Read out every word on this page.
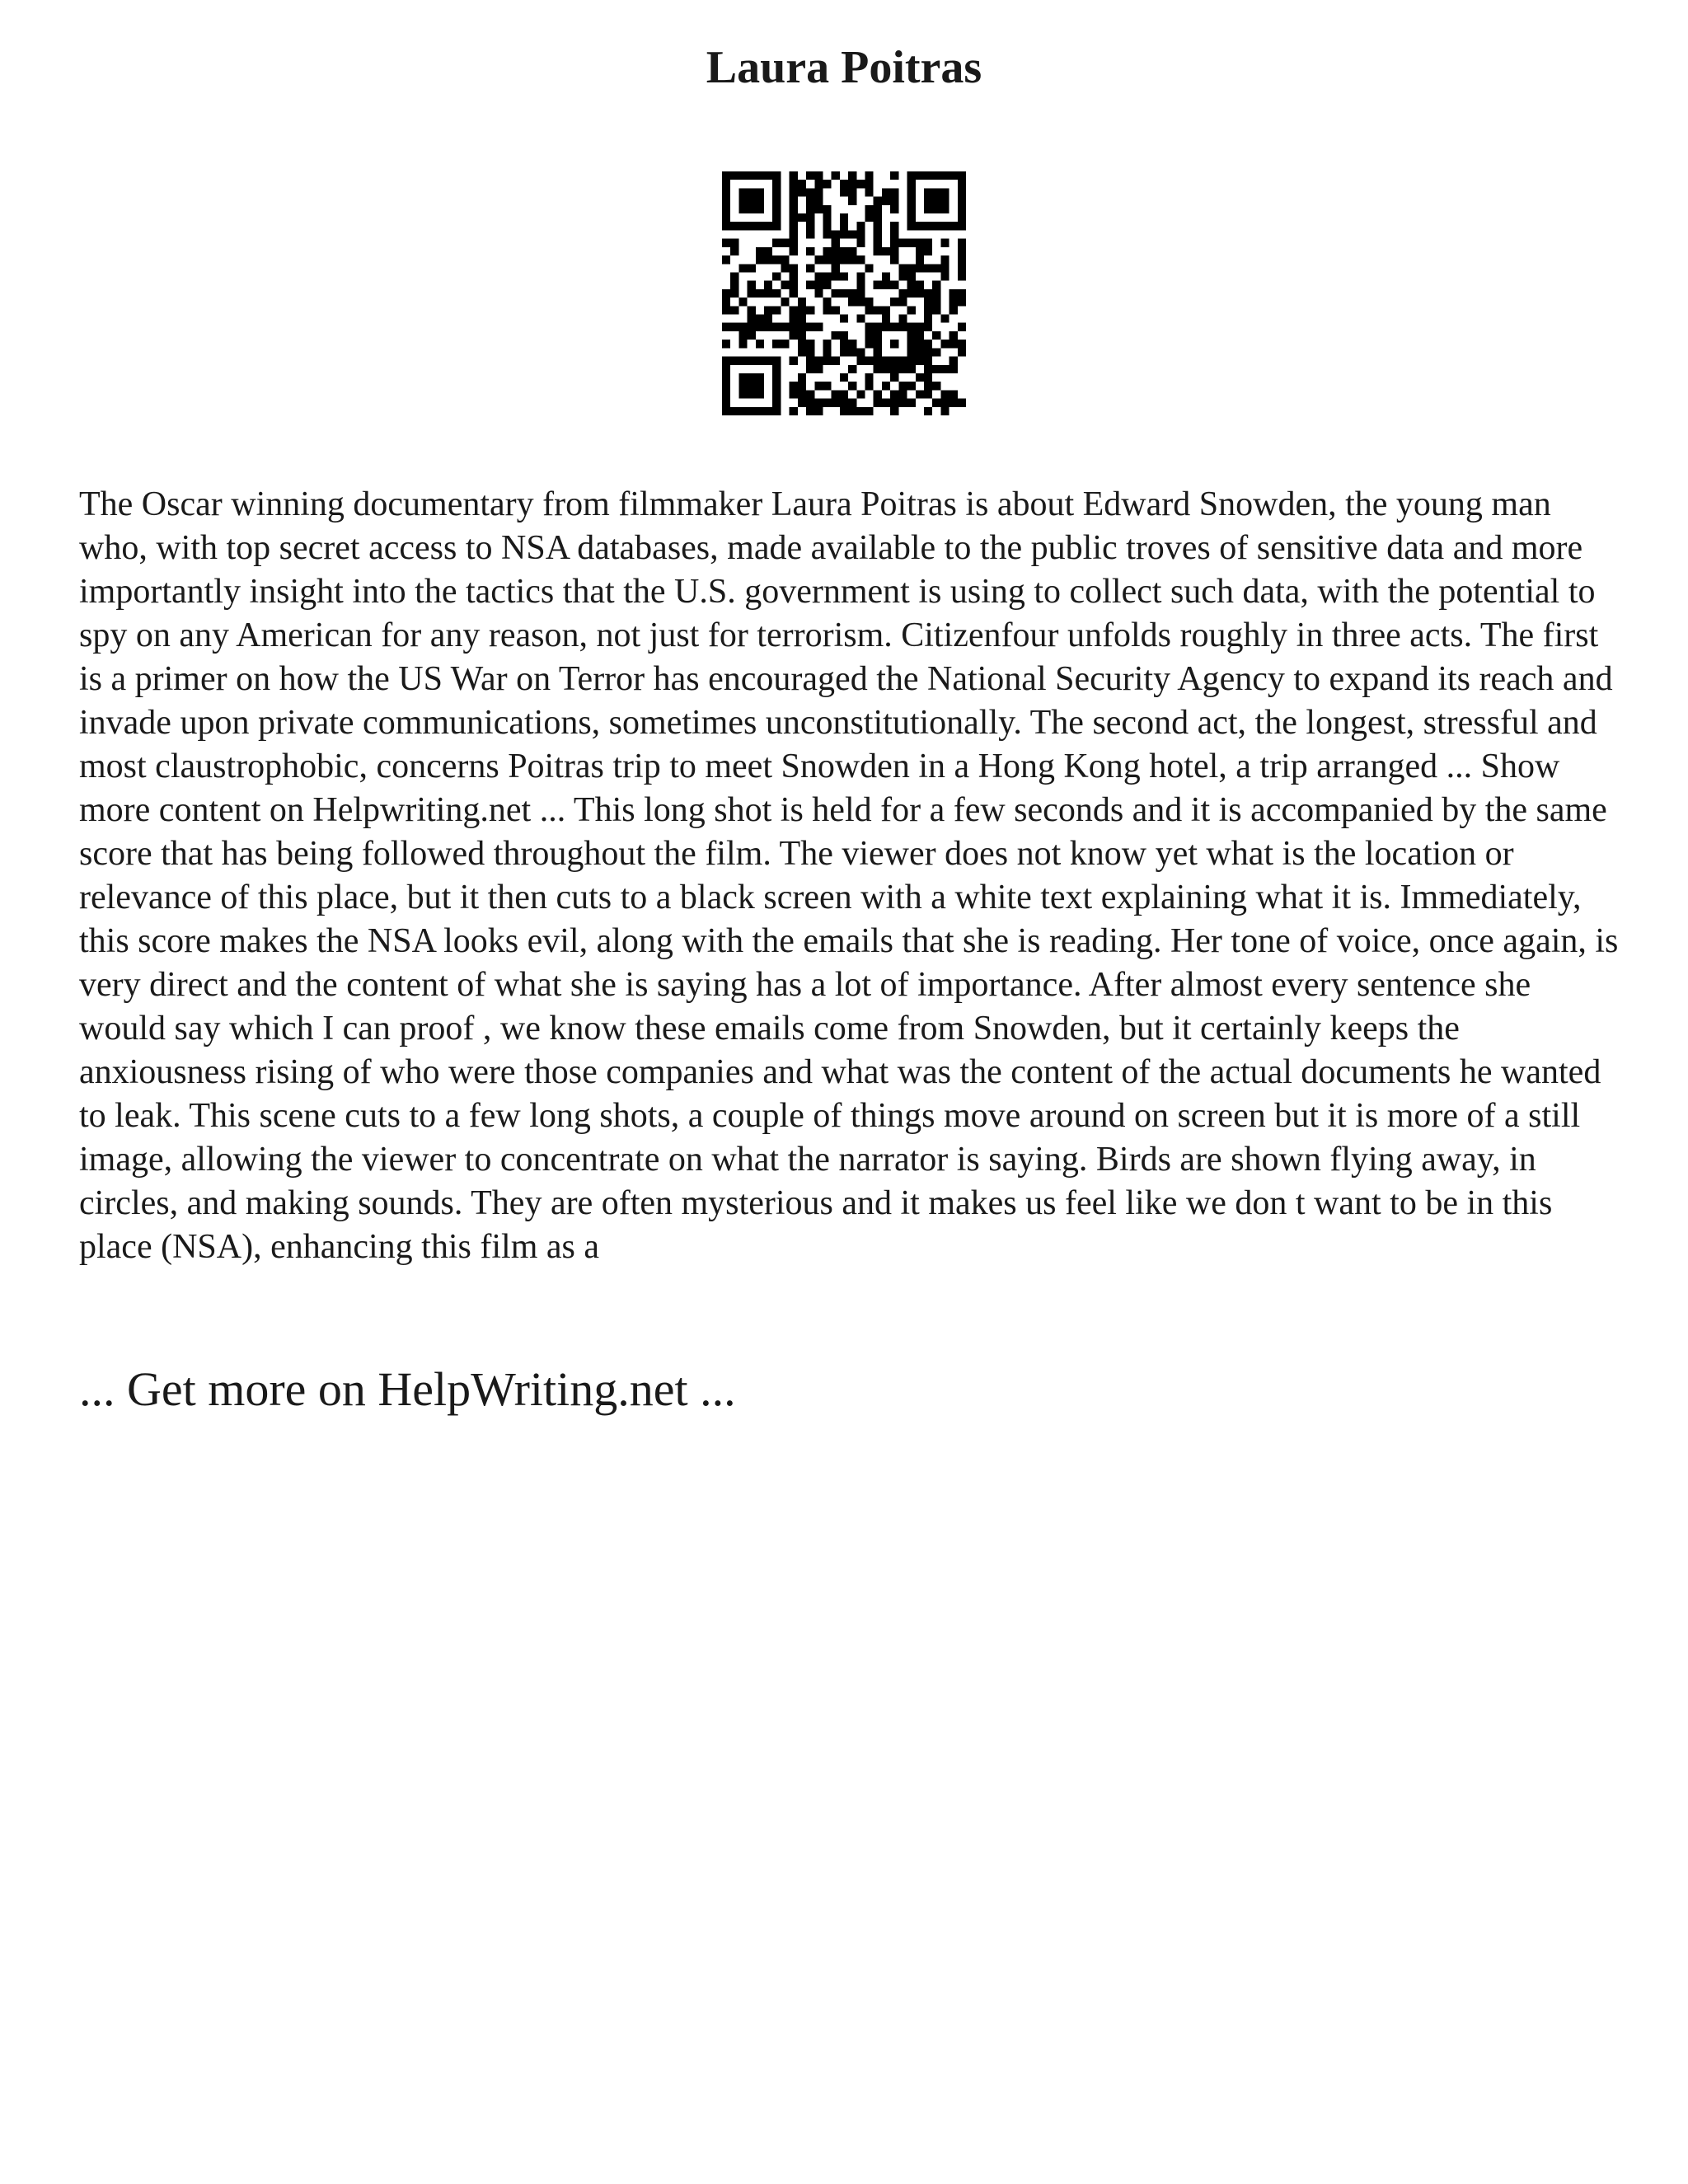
Laura Poitras

The Oscar winning documentary from filmmaker Laura Poitras is about Edward Snowden, the young man who, with top secret access to NSA databases, made available to the public troves of sensitive data and more importantly insight into the tactics that the U.S. government is using to collect such data, with the potential to spy on any American for any reason, not just for terrorism. Citizenfour unfolds roughly in three acts. The first is a primer on how the US War on Terror has encouraged the National Security Agency to expand its reach and invade upon private communications, sometimes unconstitutionally. The second act, the longest, stressful and most claustrophobic, concerns Poitras trip to meet Snowden in a Hong Kong hotel, a trip arranged ... Show more content on Helpwriting.net ... This long shot is held for a few seconds and it is accompanied by the same score that has being followed throughout the film. The viewer does not know yet what is the location or relevance of this place, but it then cuts to a black screen with a white text explaining what it is. Immediately, this score makes the NSA looks evil, along with the emails that she is reading. Her tone of voice, once again, is very direct and the content of what she is saying has a lot of importance. After almost every sentence she would say which I can proof , we know these emails come from Snowden, but it certainly keeps the anxiousness rising of who were those companies and what was the content of the actual documents he wanted to leak. This scene cuts to a few long shots, a couple of things move around on screen but it is more of a still image, allowing the viewer to concentrate on what the narrator is saying. Birds are shown flying away, in circles, and making sounds. They are often mysterious and it makes us feel like we don t want to be in this place (NSA), enhancing this film as a

... Get more on HelpWriting.net ...
